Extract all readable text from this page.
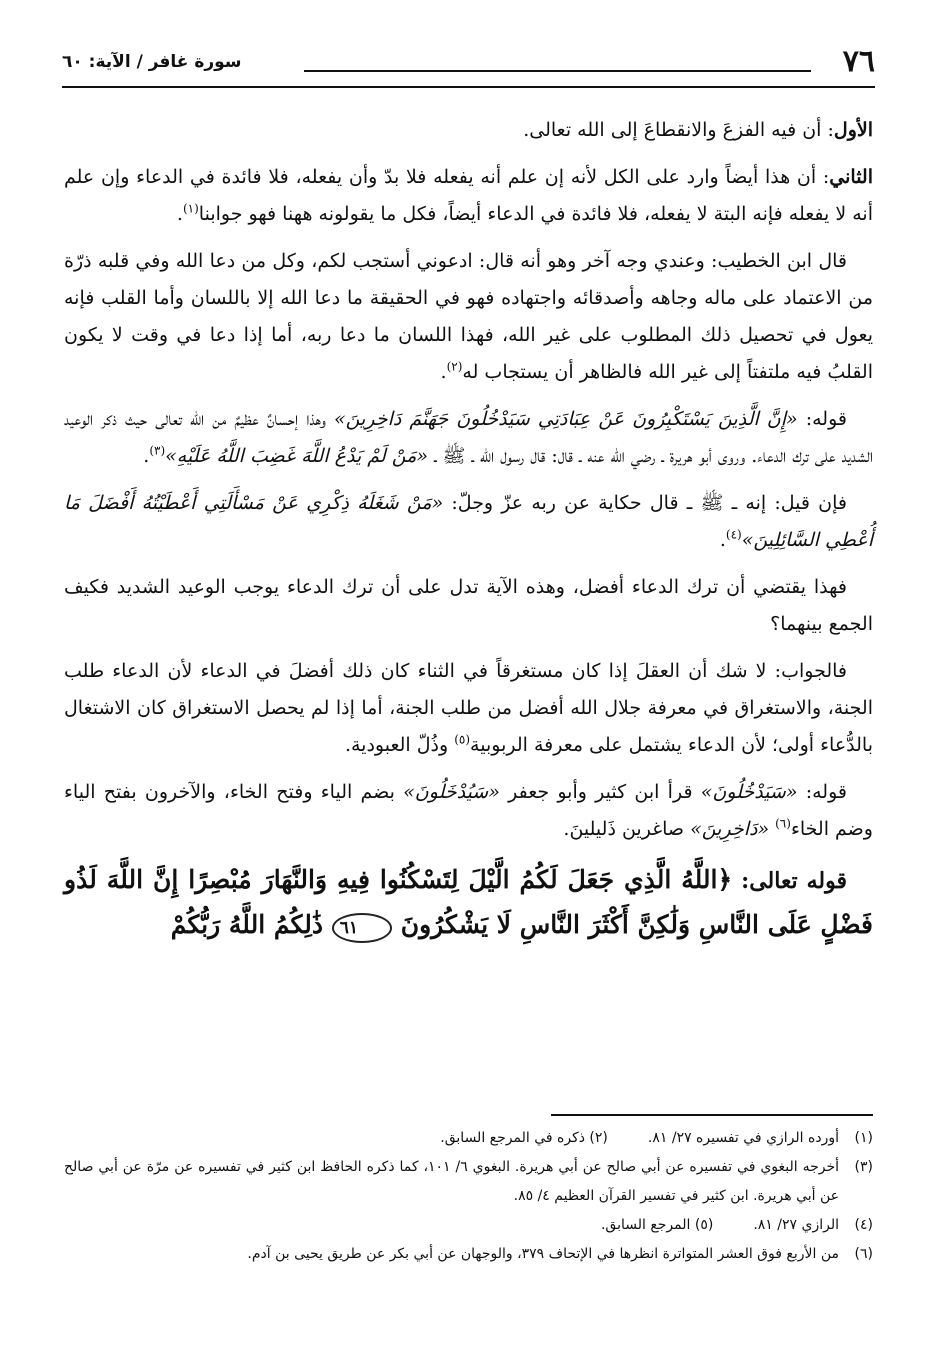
٧٦
سورة غافر / الآية: ٦٠

الأول: أن فيه الفزعَ والانقطاعَ إلى الله تعالى.

الثاني: أن هذا أيضاً وارد على الكل لأنه إن علم أنه يفعله فلا بدّ وأن يفعله، فلا فائدة في الدعاء وإن علم أنه لا يفعله فإنه البتة لا يفعله، فلا فائدة في الدعاء أيضاً، فكل ما يقولونه ههنا فهو جوابنا$^{(١)}$.

قال ابن الخطيب: وعندي وجه آخر وهو أنه قال: ادعوني أستجب لكم، وكل من دعا الله وفي قلبه ذرّة من الاعتماد على ماله وجاهه وأصدقائه واجتهاده فهو في الحقيقة ما دعا الله إلا باللسان وأما القلب فإنه يعول في تحصيل ذلك المطلوب على غير الله، فهذا اللسان ما دعا ربه، أما إذا دعا في وقت لا يكون القلبُ فيه ملتفتاً إلى غير الله فالظاهر أن يستجاب له$^{(٢)}$.

قوله: «إِنَّ الَّذِينَ يَسْتَكْبِرُونَ عَنْ عِبَادَتِي سَيَدْخُلُونَ جَهَنَّمَ دَاخِرِينَ» وهذا إحسانٌ عظيمٌ من الله تعالى حيث ذكر الوعيد الشديد على ترك الدعاء. وروى أبو هريرة ـ رضي الله عنه ـ قال: قال رسول الله ـ ﷺ ـ «مَنْ لَمْ يَدْعُ اللَّهَ غَضِبَ اللَّهُ عَلَيْهِ»$^{(٣)}$.

فإن قيل: إنه ـ ﷺ ـ قال حكاية عن ربه عزّ وجلّ: «مَنْ شَغَلَهُ ذِكْرِي عَنْ مَسْأَلَتِي أَعْطَيْتُهُ أَفْضَلَ مَا أُعْطِي السَّائِلِينَ»$^{(٤)}$.

فهذا يقتضي أن ترك الدعاء أفضل، وهذه الآية تدل على أن ترك الدعاء يوجب الوعيد الشديد فكيف الجمع بينهما؟

فالجواب: لا شك أن العقلَ إذا كان مستغرقاً في الثناء كان ذلك أفضلَ في الدعاء لأن الدعاء طلب الجنة، والاستغراق في معرفة جلال الله أفضل من طلب الجنة، أما إذا لم يحصل الاستغراق كان الاشتغال بالدُّعاء أولى؛ لأن الدعاء يشتمل على معرفة الربوبية$^{(٥)}$ وذُلّ العبودية.

قوله: «سَيَدْخُلُونَ» قرأ ابن كثير وأبو جعفر «سَيُدْخَلُونَ» بضم الياء وفتح الخاء، والآخرون بفتح الياء وضم الخاء$^{(٦)}$ «دَاخِرِينَ» صاغرين ذَليلينَ.

قوله تعالى: ﴿اللَّهُ الَّذِي جَعَلَ لَكُمُ الَّيْلَ لِتَسْكُنُوا فِيهِ وَالنَّهَارَ مُبْصِرًا إِنَّ اللَّهَ لَذُو فَضْلٍ عَلَى النَّاسِ وَلَٰكِنَّ أَكْثَرَ النَّاسِ لَا يَشْكُرُونَ ٦١ ذَٰلِكُمُ اللَّهُ رَبُّكُمْ

(١)
أورده الرازي في تفسيره ٢٧/ ٨١.(٢) ذكره في المرجع السابق.
(٣)
أخرجه البغوي في تفسيره عن أبي صالح عن أبي هريرة. البغوي ٦/ ١٠١، كما ذكره الحافظ ابن كثير في تفسيره عن مرّة عن أبي صالح عن أبي هريرة. ابن كثير في تفسير القرآن العظيم ٤/ ٨٥.
(٤)
الرازي ٢٧/ ٨١.(٥) المرجع السابق.
(٦)
من الأربع فوق العشر المتواترة انظرها في الإتحاف ٣٧٩، والوجهان عن أبي بكر عن طريق يحيى بن آدم.
